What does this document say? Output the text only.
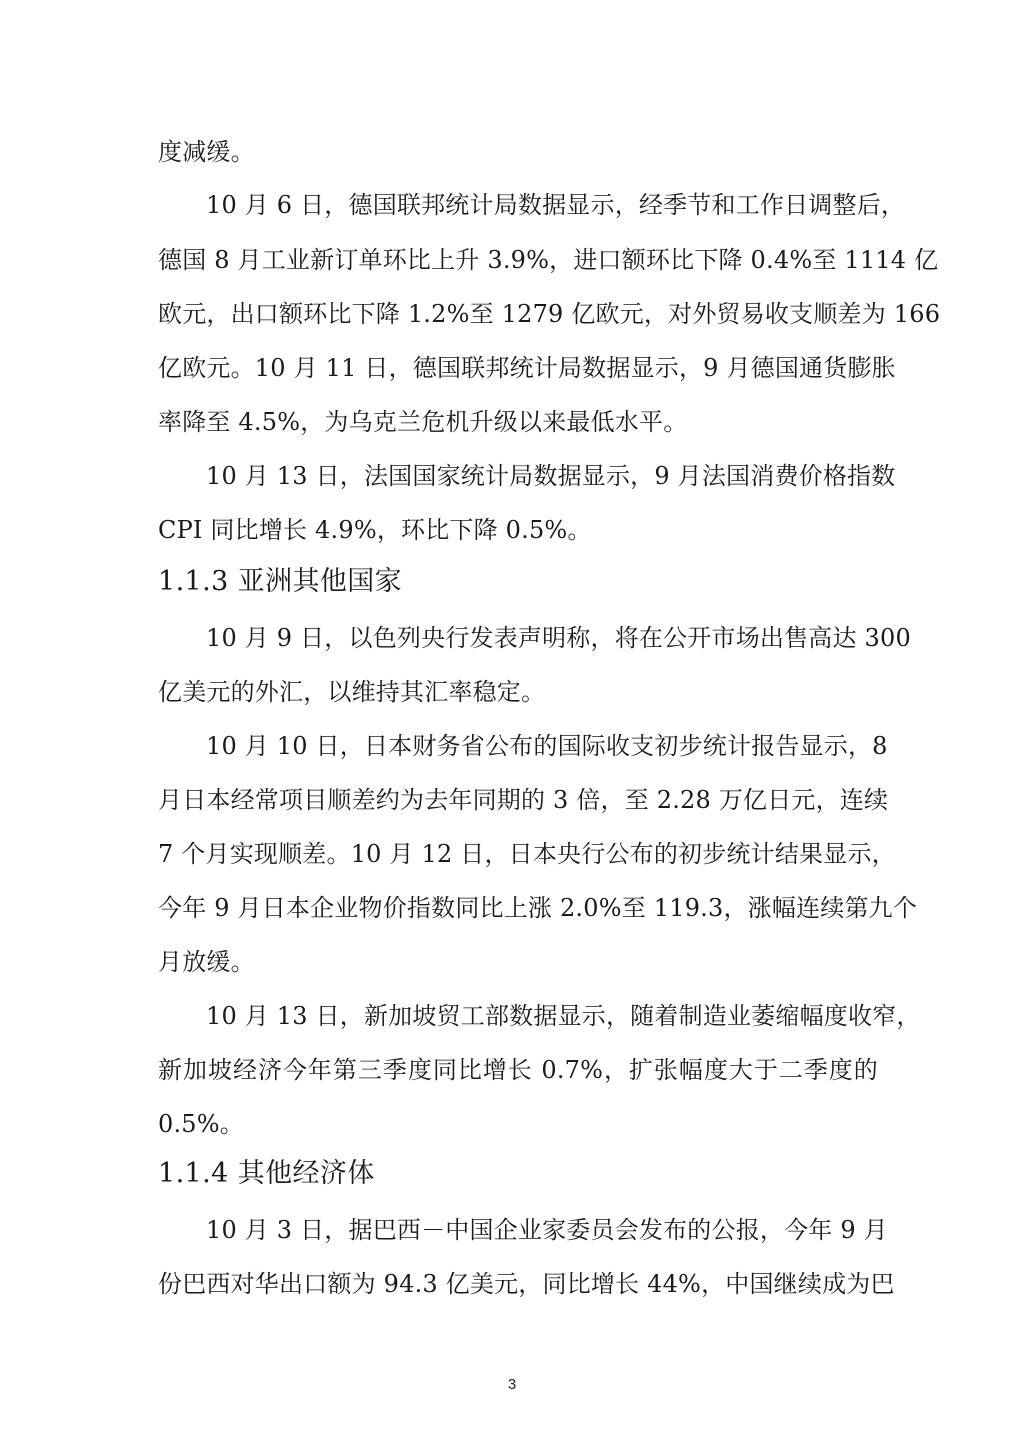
度减缓。
10 月 6 日，德国联邦统计局数据显示，经季节和工作日调整后，
德国 8 月工业新订单环比上升 3.9%，进口额环比下降 0.4%至 1114 亿
欧元，出口额环比下降 1.2%至 1279 亿欧元，对外贸易收支顺差为 166
亿欧元。10 月 11 日，德国联邦统计局数据显示，9 月德国通货膨胀
率降至 4.5%，为乌克兰危机升级以来最低水平。
10 月 13 日，法国国家统计局数据显示，9 月法国消费价格指数
CPI 同比增长 4.9%，环比下降 0.5%。
1.1.3 亚洲其他国家
10 月 9 日，以色列央行发表声明称，将在公开市场出售高达 300
亿美元的外汇，以维持其汇率稳定。
10 月 10 日，日本财务省公布的国际收支初步统计报告显示，8
月日本经常项目顺差约为去年同期的 3 倍，至 2.28 万亿日元，连续
7 个月实现顺差。10 月 12 日，日本央行公布的初步统计结果显示，
今年 9 月日本企业物价指数同比上涨 2.0%至 119.3，涨幅连续第九个
月放缓。
10 月 13 日，新加坡贸工部数据显示，随着制造业萎缩幅度收窄，
新加坡经济今年第三季度同比增长 0.7%，扩张幅度大于二季度的
0.5%。
1.1.4 其他经济体
10 月 3 日，据巴西－中国企业家委员会发布的公报，今年 9 月
份巴西对华出口额为 94.3 亿美元，同比增长 44%，中国继续成为巴
3
